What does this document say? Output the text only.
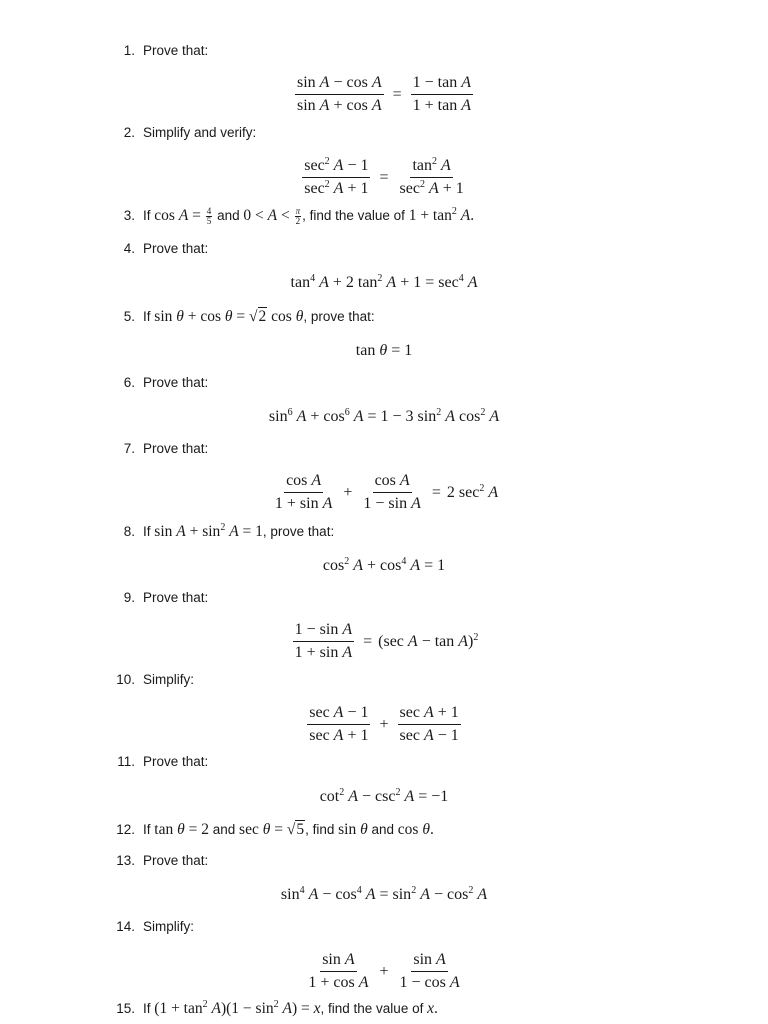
1. Prove that:
$\frac{\text{sin A − cos A}}{\text{sin A + cos A}} = \frac{\text{1 − tan A}}{\text{1 + tan A}}$
2. Simplify and verify:
$\frac{\sec^2 A - 1}{\sec^2 A + 1} = \frac{\tan^2 A}{\sec^2 A + 1}$
3. If $\cos A = \frac{4}{5}$ and $0 < A < \frac{\pi}{2}$ , find the value of $1 + \tan^2 A$.
4. Prove that:
$\tan^4 A + 2$ $\tan^2 A + 1 = \sec^4 A$
5. If sin θ + cos θ = √2 cos θ, prove that:
tan θ = 1
6. Prove that:
$\sin^6 A + \cos^6 A = 1 - 3$ $\sin^2 A$ $\cos^2 A$
7. Prove that:
$\frac{\text{cos A}}{\text{1 + sin A}} + \frac{\text{cos A}}{\text{1 − sin A}} = 2$ $\sec^2 A$
8. If $\sin A + \sin^2 A = 1$, prove that:
$\cos^2 A + \cos^4 A = 1$
9. Prove that:
$\frac{\text{1 − sin A}}{\text{1 + sin A}} = (\sec$ A − tan A)$^2$
10. Simplify:
$\frac{\text{sec A − 1}}{\text{sec A + 1}} + \frac{\text{sec A + 1}}{\text{sec A − 1}}$
11. Prove that:
$\cot^2 A - \csc^2 A = -1$
12. If tan θ = 2 and sec θ = √5, find sin θ and cos θ.
13. Prove that:
$\sin^4 A - \cos^4 A = \sin^2 A - \cos^2 A$
14. Simplify:
$\frac{\text{sin A}}{\text{1 + cos A}} + \frac{\text{sin A}}{\text{1 − cos A}}$
15. If $(1 + \tan^2 A)(1 - \sin^2 A) = x$, find the value of x.
